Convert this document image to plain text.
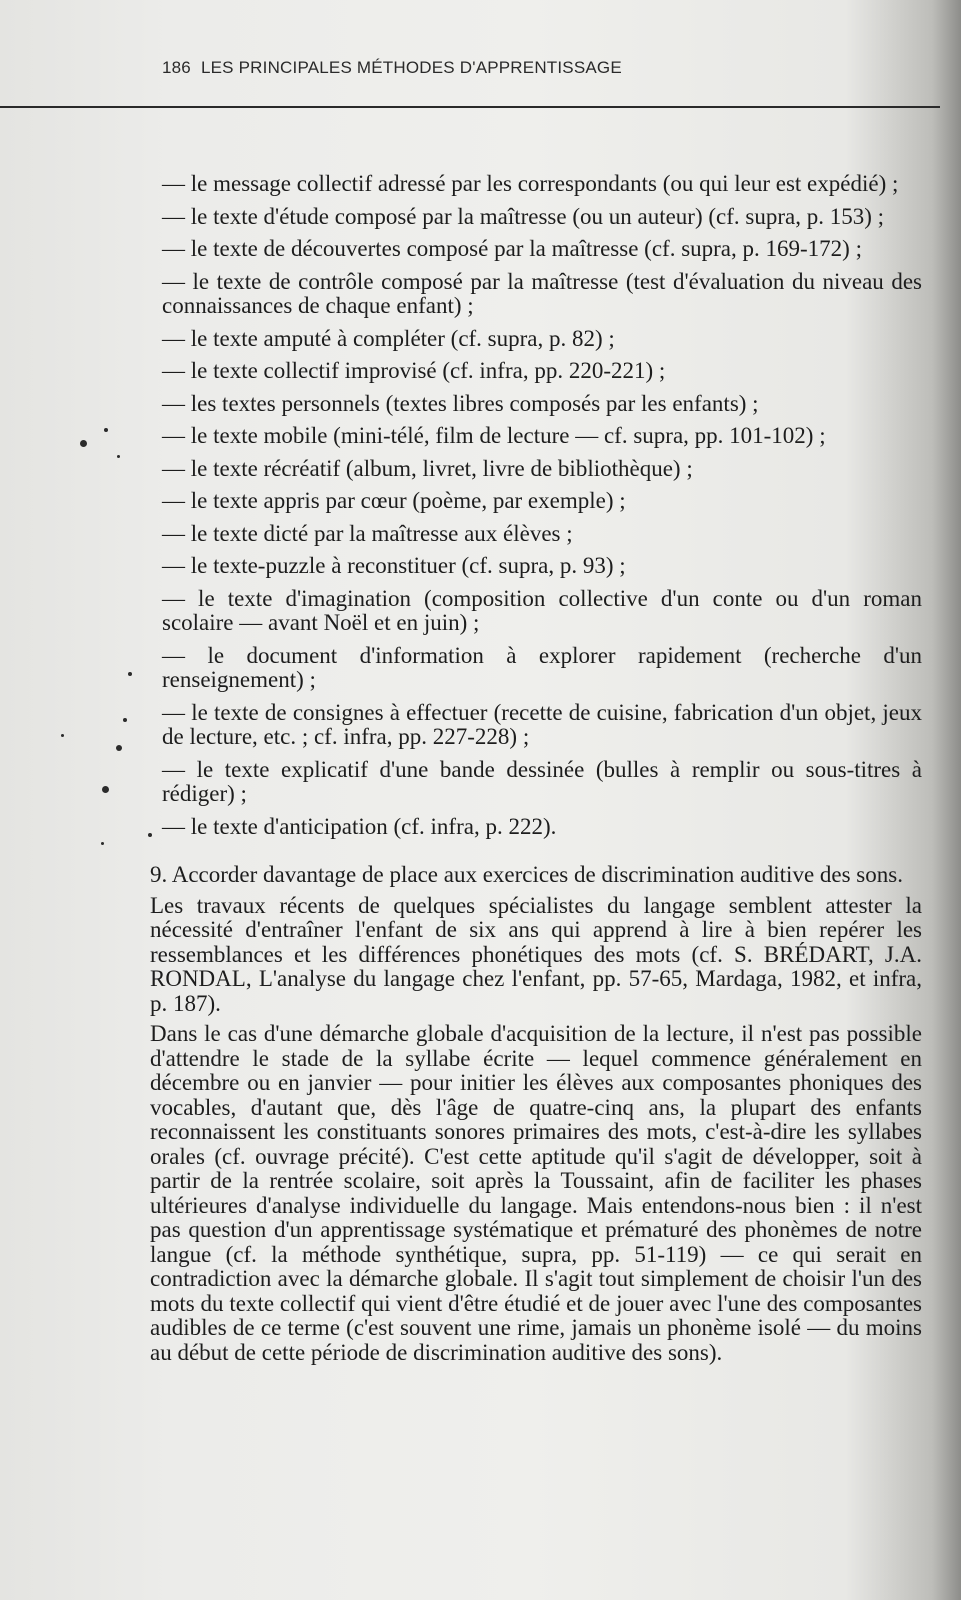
186 LES PRINCIPALES MÉTHODES D'APPRENTISSAGE

— le message collectif adressé par les correspondants (ou qui leur est expédié) ;

— le texte d'étude composé par la maîtresse (ou un auteur) (cf. supra, p. 153) ;

— le texte de découvertes composé par la maîtresse (cf. supra, p. 169-172) ;

— le texte de contrôle composé par la maîtresse (test d'évaluation du niveau des connaissances de chaque enfant) ;

— le texte amputé à compléter (cf. supra, p. 82) ;

— le texte collectif improvisé (cf. infra, pp. 220-221) ;

— les textes personnels (textes libres composés par les enfants) ;

— le texte mobile (mini-télé, film de lecture — cf. supra, pp. 101-102) ;

— le texte récréatif (album, livret, livre de bibliothèque) ;

— le texte appris par cœur (poème, par exemple) ;

— le texte dicté par la maîtresse aux élèves ;

— le texte-puzzle à reconstituer (cf. supra, p. 93) ;

— le texte d'imagination (composition collective d'un conte ou d'un roman scolaire — avant Noël et en juin) ;

— le document d'information à explorer rapidement (recherche d'un renseignement) ;

— le texte de consignes à effectuer (recette de cuisine, fabrication d'un objet, jeux de lecture, etc. ; cf. infra, pp. 227-228) ;

— le texte explicatif d'une bande dessinée (bulles à remplir ou sous-titres à rédiger) ;

— le texte d'anticipation (cf. infra, p. 222).

9. Accorder davantage de place aux exercices de discrimination auditive des sons.

Les travaux récents de quelques spécialistes du langage semblent attester la nécessité d'entraîner l'enfant de six ans qui apprend à lire à bien repérer les ressemblances et les différences phonétiques des mots (cf. S. BRÉDART, J.A. RONDAL, L'analyse du langage chez l'enfant, pp. 57-65, Mardaga, 1982, et infra, p. 187).

Dans le cas d'une démarche globale d'acquisition de la lecture, il n'est pas possible d'attendre le stade de la syllabe écrite — lequel commence généralement en décembre ou en janvier — pour initier les élèves aux composantes phoniques des vocables, d'autant que, dès l'âge de quatre-cinq ans, la plupart des enfants reconnaissent les constituants sonores primaires des mots, c'est-à-dire les syllabes orales (cf. ouvrage précité). C'est cette aptitude qu'il s'agit de développer, soit à partir de la rentrée scolaire, soit après la Toussaint, afin de faciliter les phases ultérieures d'analyse individuelle du langage. Mais entendons-nous bien : il n'est pas question d'un apprentissage systématique et prématuré des phonèmes de notre langue (cf. la méthode synthétique, supra, pp. 51-119) — ce qui serait en contradiction avec la démarche globale. Il s'agit tout simplement de choisir l'un des mots du texte collectif qui vient d'être étudié et de jouer avec l'une des composantes audibles de ce terme (c'est souvent une rime, jamais un phonème isolé — du moins au début de cette période de discrimination auditive des sons).
